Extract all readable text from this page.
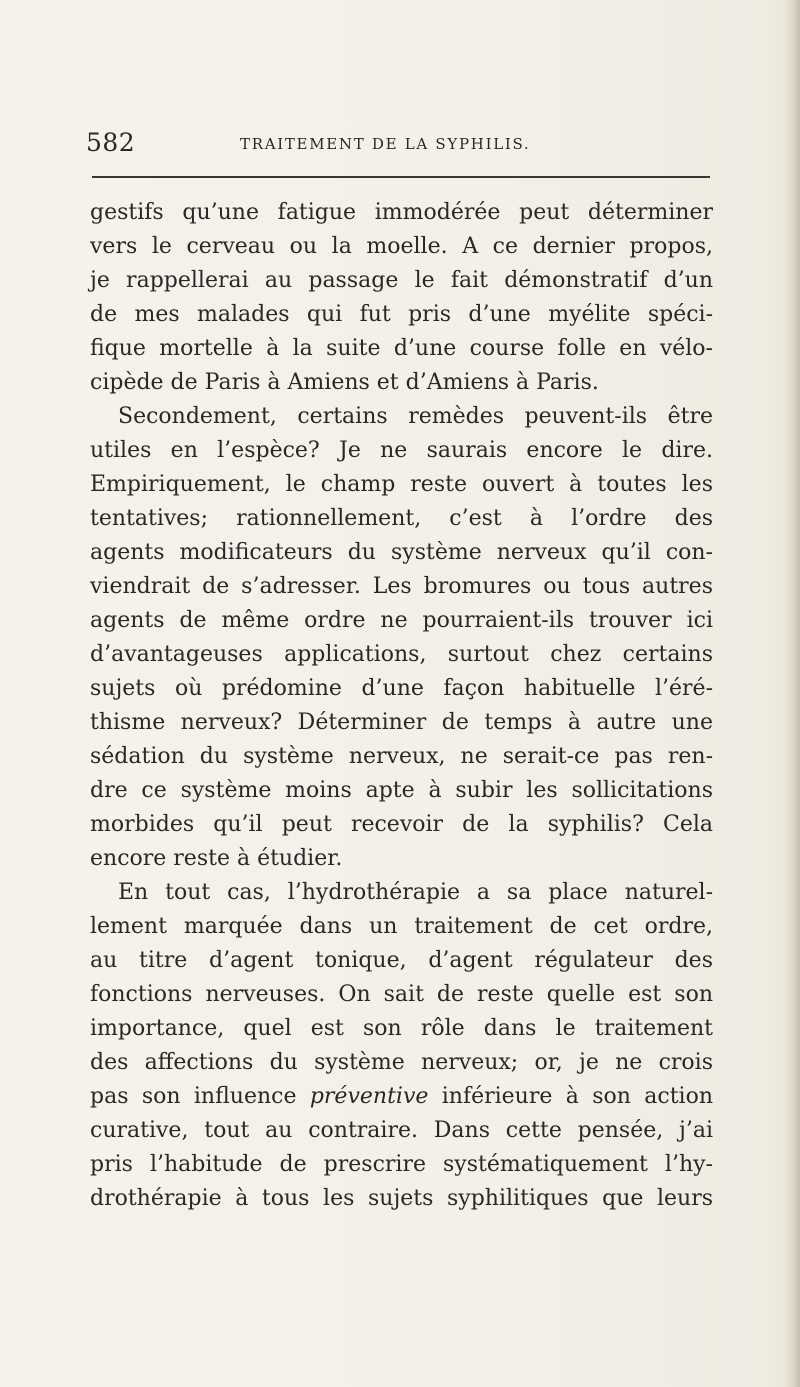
582	TRAITEMENT DE LA SYPHILIS.
gestifs qu’une fatigue immodérée peut déterminer
vers le cerveau ou la moelle. A ce dernier propos,
je rappellerai au passage le fait démonstratif d’un
de mes malades qui fut pris d’une myélite spéci-
fique mortelle à la suite d’une course folle en vélo-
cipède de Paris à Amiens et d’Amiens à Paris.
Secondement, certains remèdes peuvent-ils être
utiles en l’espèce? Je ne saurais encore le dire.
Empiriquement, le champ reste ouvert à toutes les
tentatives; rationnellement, c’est à l’ordre des
agents modificateurs du système nerveux qu’il con-
viendrait de s’adresser. Les bromures ou tous autres
agents de même ordre ne pourraient-ils trouver ici
d’avantageuses applications, surtout chez certains
sujets où prédomine d’une façon habituelle l’éré-
thisme nerveux? Déterminer de temps à autre une
sédation du système nerveux, ne serait-ce pas ren-
dre ce système moins apte à subir les sollicitations
morbides qu’il peut recevoir de la syphilis? Cela
encore reste à étudier.
En tout cas, l’hydrothérapie a sa place naturel-
lement marquée dans un traitement de cet ordre,
au titre d’agent tonique, d’agent régulateur des
fonctions nerveuses. On sait de reste quelle est son
importance, quel est son rôle dans le traitement
des affections du système nerveux; or, je ne crois
pas son influence préventive inférieure à son action
curative, tout au contraire. Dans cette pensée, j’ai
pris l’habitude de prescrire systématiquement l’hy-
drothérapie à tous les sujets syphilitiques que leurs
